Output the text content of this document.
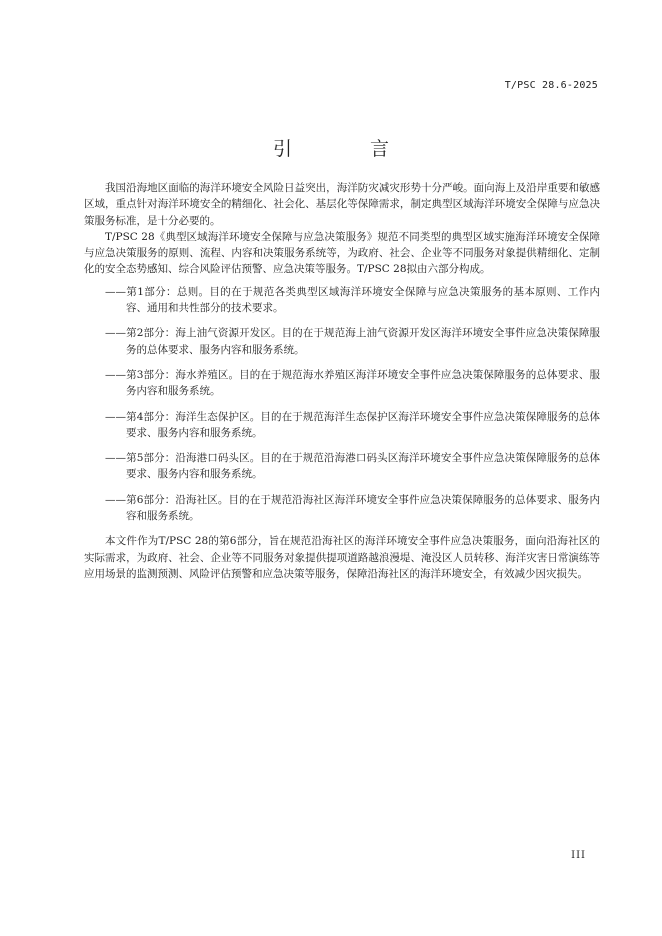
T/PSC 28.6-2025
引 言

我国沿海地区面临的海洋环境安全风险日益突出，海洋防灾减灾形势十分严峻。面向海上及沿岸重要和敏感区域，重点针对海洋环境安全的精细化、社会化、基层化等保障需求，制定典型区域海洋环境安全保障与应急决策服务标准，是十分必要的。

T/PSC 28《典型区域海洋环境安全保障与应急决策服务》规范不同类型的典型区域实施海洋环境安全保障与应急决策服务的原则、流程、内容和决策服务系统等，为政府、社会、企业等不同服务对象提供精细化、定制化的安全态势感知、综合风险评估预警、应急决策等服务。T/PSC 28拟由六部分构成。

——第1部分：总则。目的在于规范各类典型区域海洋环境安全保障与应急决策服务的基本原则、工作内容、通用和共性部分的技术要求。
——第2部分：海上油气资源开发区。目的在于规范海上油气资源开发区海洋环境安全事件应急决策保障服务的总体要求、服务内容和服务系统。
——第3部分：海水养殖区。目的在于规范海水养殖区海洋环境安全事件应急决策保障服务的总体要求、服务内容和服务系统。
——第4部分：海洋生态保护区。目的在于规范海洋生态保护区海洋环境安全事件应急决策保障服务的总体要求、服务内容和服务系统。
——第5部分：沿海港口码头区。目的在于规范沿海港口码头区海洋环境安全事件应急决策保障服务的总体要求、服务内容和服务系统。
——第6部分：沿海社区。目的在于规范沿海社区海洋环境安全事件应急决策保障服务的总体要求、服务内容和服务系统。

本文件作为T/PSC 28的第6部分，旨在规范沿海社区的海洋环境安全事件应急决策服务，面向沿海社区的实际需求，为政府、社会、企业等不同服务对象提供提项道路越浪漫堤、淹没区人员转移、海洋灾害日常演练等应用场景的监测预测、风险评估预警和应急决策等服务，保障沿海社区的海洋环境安全，有效减少因灾损失。

III
